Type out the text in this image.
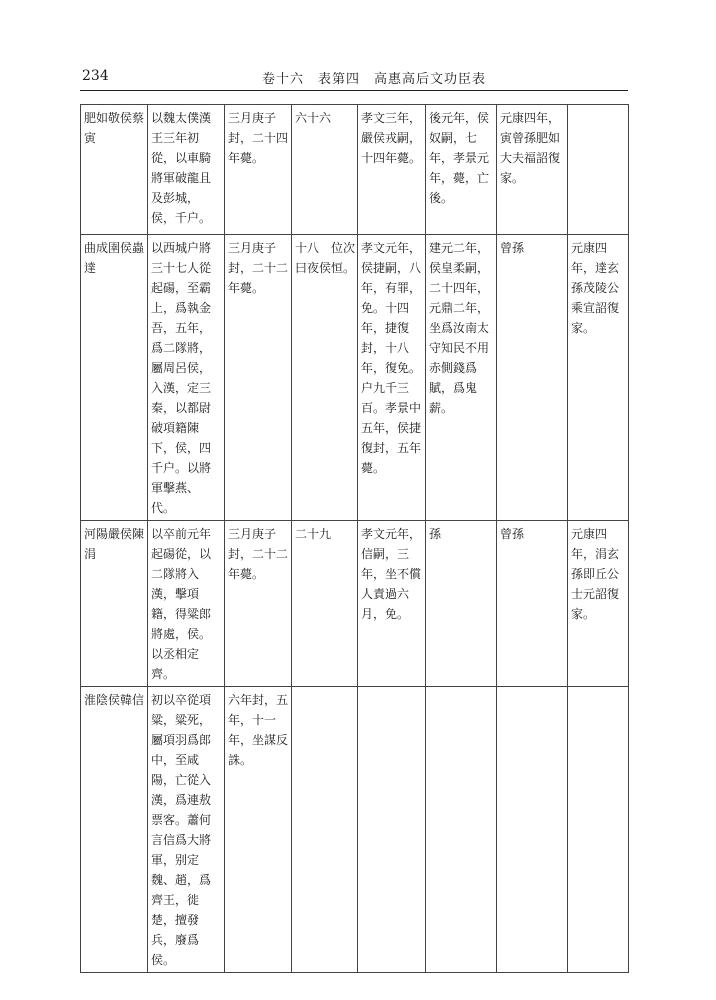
234	卷十六　表第四　高惠高后文功臣表
肥如敬侯蔡寅	以魏太僕漢王三年初從，以車騎將軍破龍且及彭城，侯，千户。	三月庚子封，二十四年薨。	六十六	孝文三年，嚴侯戎嗣，十四年薨。	後元年，侯奴嗣，七年，孝景元年，薨，亡後。	元康四年，寅曾孫肥如大夫福詔復家。	
曲成圉侯蟲達	以西城户將三十七人從起碭，至霸上，爲執金吾，五年，爲二隊將，屬周呂侯，入漢，定三秦，以都尉破項籍陳下，侯，四千户。以將軍擊燕、代。	三月庚子封，二十二年薨。	十八　位次曰夜侯恒。	孝文元年，侯捷嗣，八年，有罪，免。十四年，捷復封，十八年，復免。户九千三百。孝景中五年，侯捷復封，五年薨。	建元二年，侯皇柔嗣，二十四年，元鼎二年，坐爲汝南太守知民不用赤側錢爲賦，爲鬼薪。	曾孫	元康四年，達玄孫茂陵公乘宣詔復家。
河陽嚴侯陳涓	以卒前元年起碭從，以二隊將入漢，擊項籍，得粱郎將處，侯。以丞相定齊。	三月庚子封，二十二年薨。	二十九	孝文元年，信嗣，三年，坐不償人責過六月，免。	孫	曾孫	元康四年，涓玄孫即丘公士元詔復家。
淮陰侯韓信	初以卒從項粱，粱死，屬項羽爲郎中，至咸陽，亡從入漢，爲連敖票客。蕭何言信爲大將軍，别定魏、趙，爲齊王，徙楚，擅發兵，廢爲侯。	六年封，五年，十一年，坐謀反誅。					
